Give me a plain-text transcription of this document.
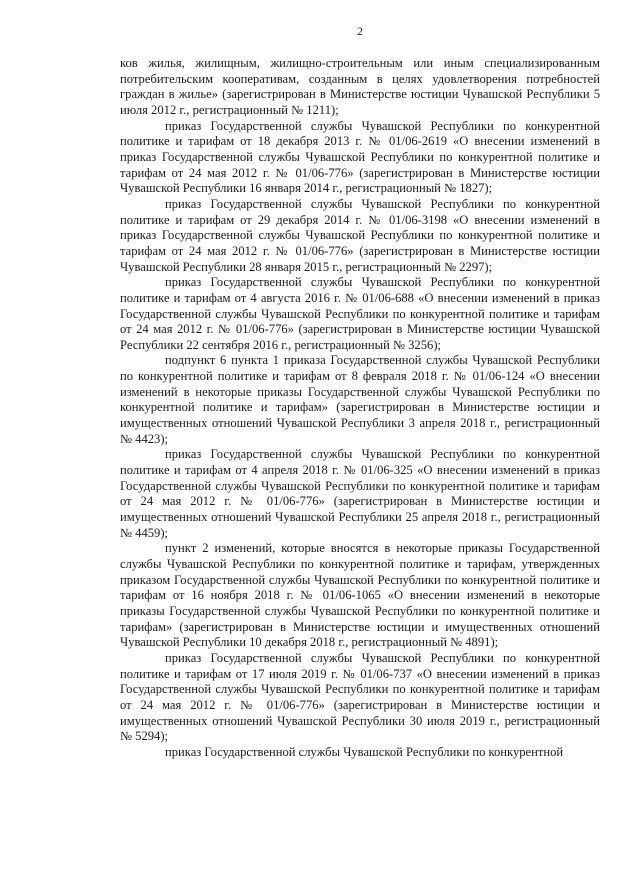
2

ков жилья, жилищным, жилищно-строительным или иным специализированным потребительским кооперативам, созданным в целях удовлетворения потребностей граждан в жилье» (зарегистрирован в Министерстве юстиции Чувашской Республики 5 июля 2012 г., регистрационный № 1211);

приказ Государственной службы Чувашской Республики по конкурентной политике и тарифам от 18 декабря 2013 г. № 01/06-2619 «О внесении изменений в приказ Государственной службы Чувашской Республики по конкурентной политике и тарифам от 24 мая 2012 г. № 01/06-776» (зарегистрирован в Министерстве юстиции Чувашской Республики 16 января 2014 г., регистрационный № 1827);

приказ Государственной службы Чувашской Республики по конкурентной политике и тарифам от 29 декабря 2014 г. № 01/06-3198 «О внесении изменений в приказ Государственной службы Чувашской Республики по конкурентной политике и тарифам от 24 мая 2012 г. № 01/06-776» (зарегистрирован в Министерстве юстиции Чувашской Республики 28 января 2015 г., регистрационный № 2297);

приказ Государственной службы Чувашской Республики по конкурентной политике и тарифам от 4 августа 2016 г. № 01/06-688 «О внесении изменений в приказ Государственной службы Чувашской Республики по конкурентной политике и тарифам от 24 мая 2012 г. № 01/06-776» (зарегистрирован в Министерстве юстиции Чувашской Республики 22 сентября 2016 г., регистрационный № 3256);

подпункт 6 пункта 1 приказа Государственной службы Чувашской Республики по конкурентной политике и тарифам от 8 февраля 2018 г. № 01/06-124 «О внесении изменений в некоторые приказы Государственной службы Чувашской Республики по конкурентной политике и тарифам» (зарегистрирован в Министерстве юстиции и имущественных отношений Чувашской Республики 3 апреля 2018 г., регистрационный № 4423);

приказ Государственной службы Чувашской Республики по конкурентной политике и тарифам от 4 апреля 2018 г. № 01/06-325 «О внесении изменений в приказ Государственной службы Чувашской Республики по конкурентной политике и тарифам от 24 мая 2012 г. № 01/06-776» (зарегистрирован в Министерстве юстиции и имущественных отношений Чувашской Республики 25 апреля 2018 г., регистрационный № 4459);

пункт 2 изменений, которые вносятся в некоторые приказы Государственной службы Чувашской Республики по конкурентной политике и тарифам, утвержденных приказом Государственной службы Чувашской Республики по конкурентной политике и тарифам от 16 ноября 2018 г. № 01/06-1065 «О внесении изменений в некоторые приказы Государственной службы Чувашской Республики по конкурентной политике и тарифам» (зарегистрирован в Министерстве юстиции и имущественных отношений Чувашской Республики 10 декабря 2018 г., регистрационный № 4891);

приказ Государственной службы Чувашской Республики по конкурентной политике и тарифам от 17 июля 2019 г. № 01/06-737 «О внесении изменений в приказ Государственной службы Чувашской Республики по конкурентной политике и тарифам от 24 мая 2012 г. № 01/06-776» (зарегистрирован в Министерстве юстиции и имущественных отношений Чувашской Республики 30 июля 2019 г., регистрационный № 5294);

приказ Государственной службы Чувашской Республики по конкурентной
